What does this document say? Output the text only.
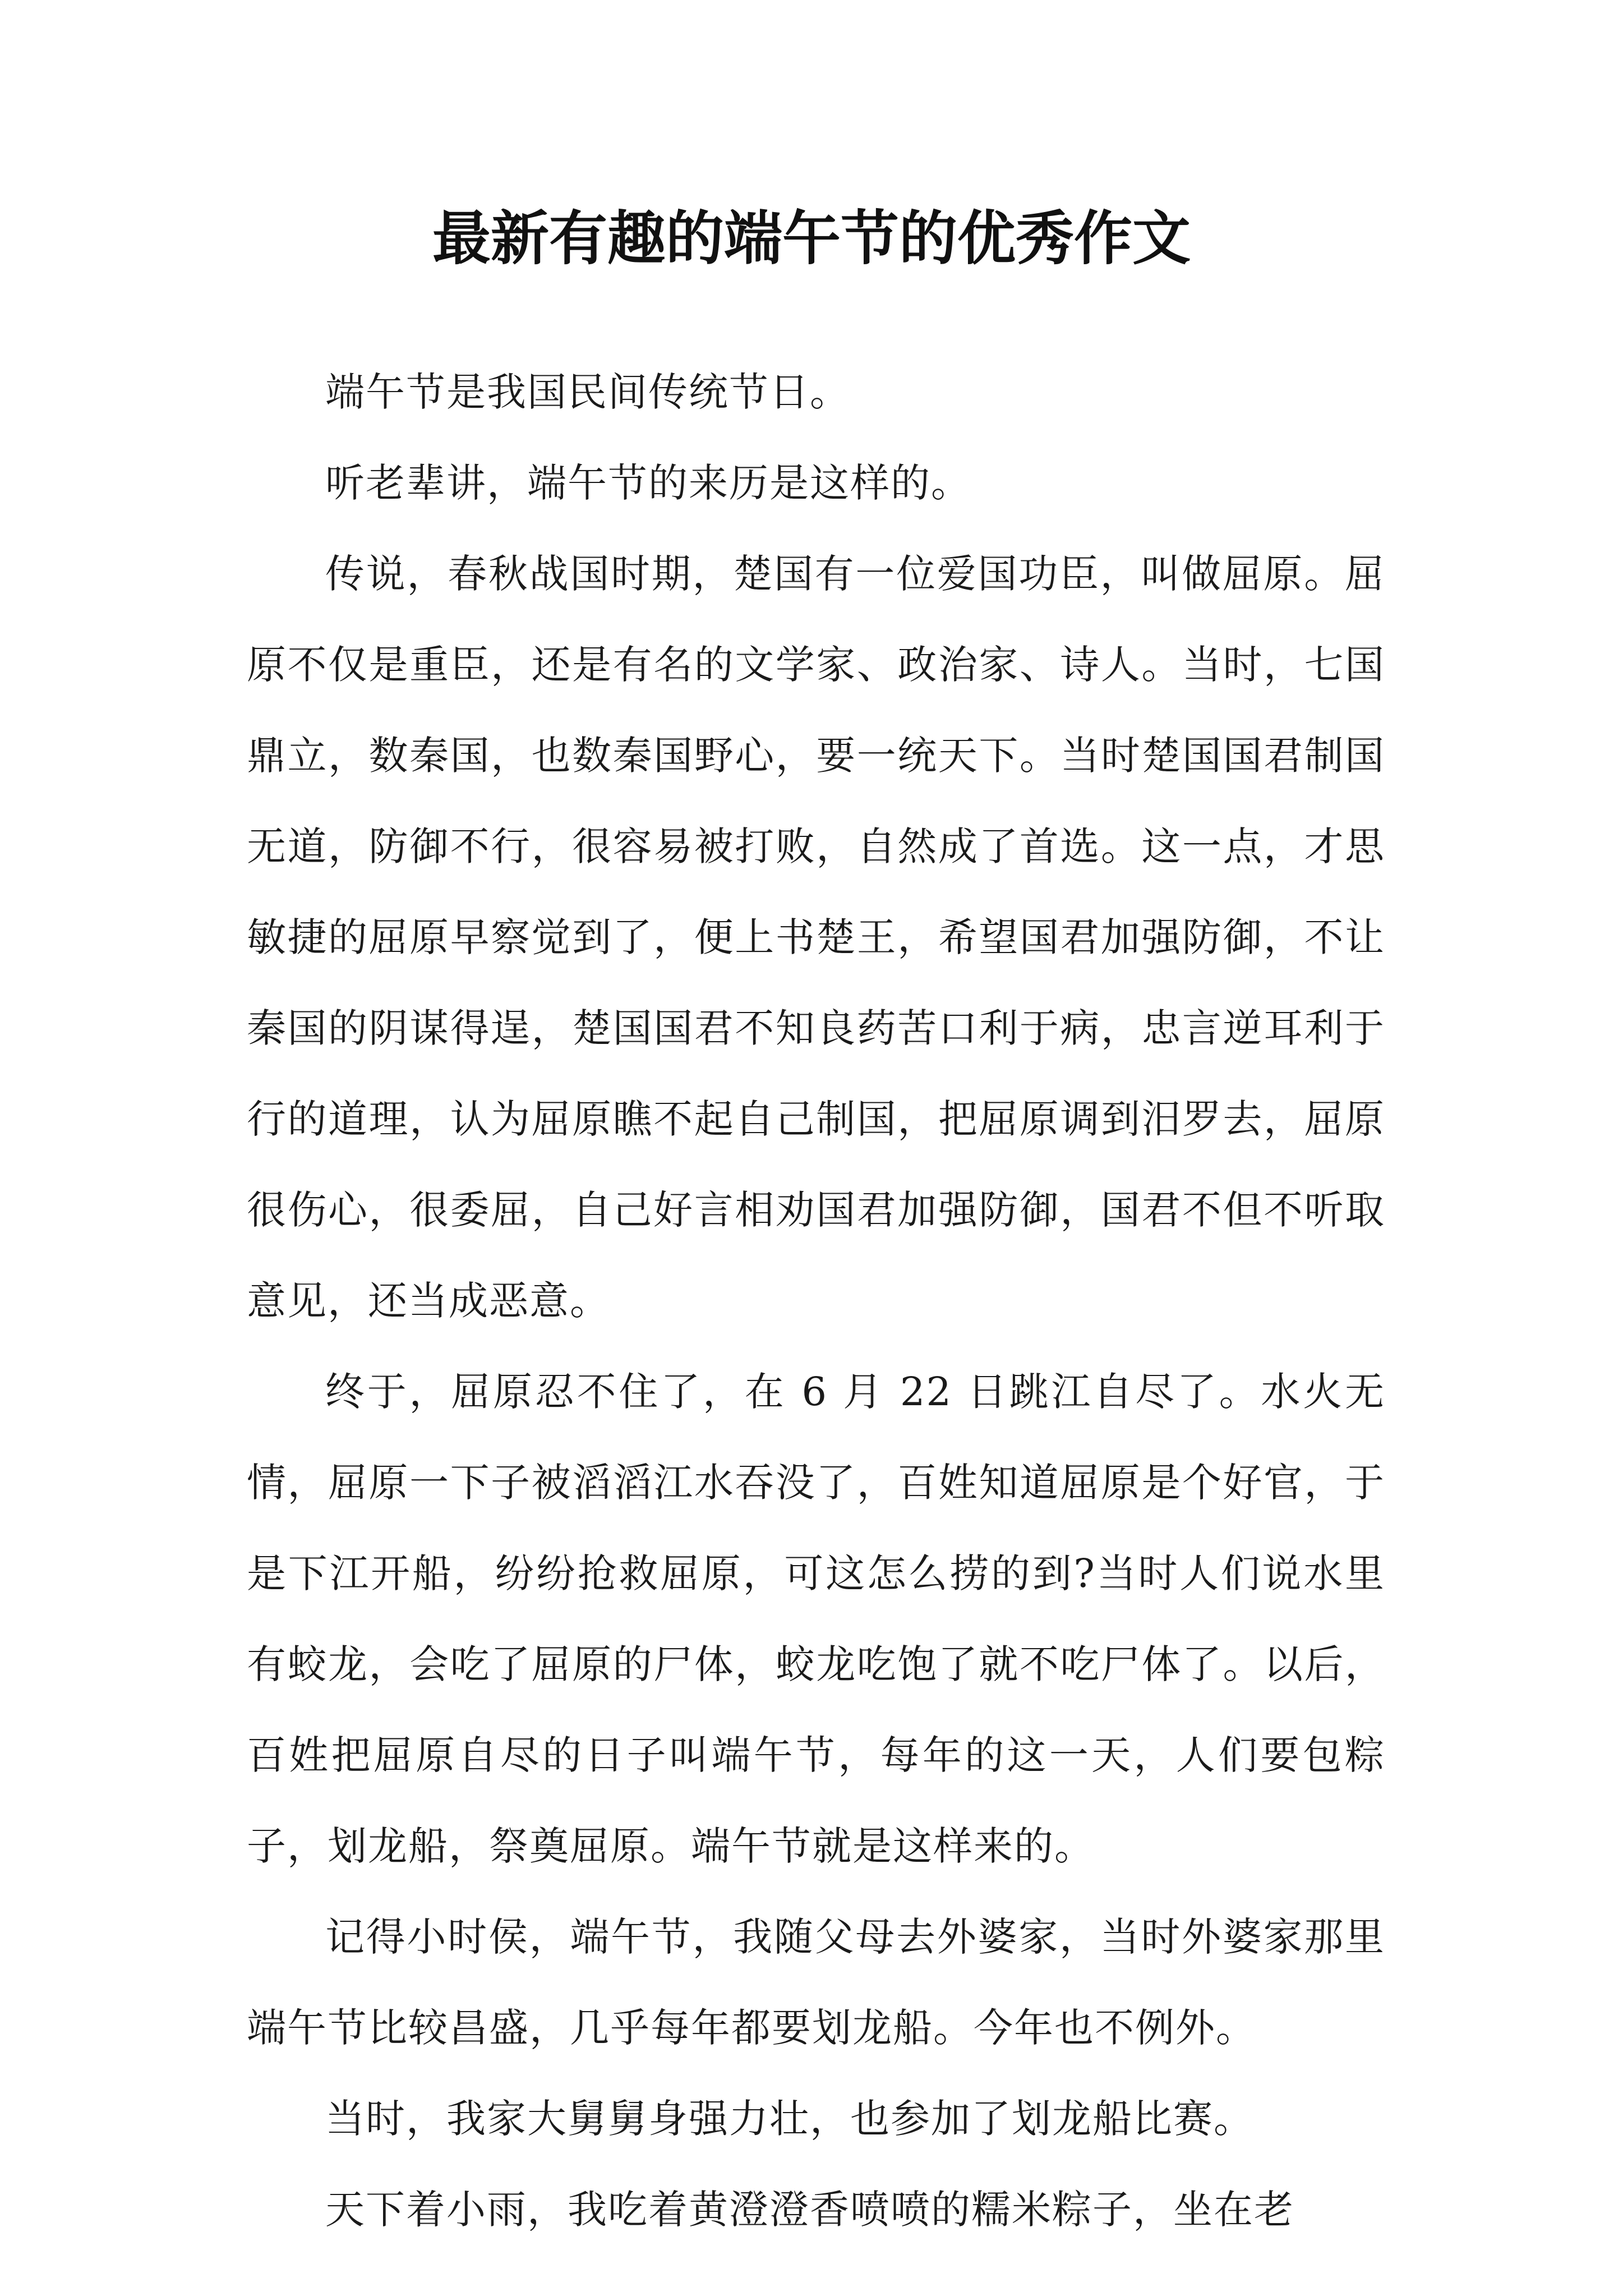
最新有趣的端午节的优秀作文

端午节是我国民间传统节日。

听老辈讲，端午节的来历是这样的。

传说，春秋战国时期，楚国有一位爱国功臣，叫做屈原。屈原不仅是重臣，还是有名的文学家、政治家、诗人。当时，七国鼎立，数秦国，也数秦国野心，要一统天下。当时楚国国君制国无道，防御不行，很容易被打败，自然成了首选。这一点，才思敏捷的屈原早察觉到了，便上书楚王，希望国君加强防御，不让秦国的阴谋得逞，楚国国君不知良药苦口利于病，忠言逆耳利于行的道理，认为屈原瞧不起自己制国，把屈原调到汨罗去，屈原很伤心，很委屈，自己好言相劝国君加强防御，国君不但不听取意见，还当成恶意。

终于，屈原忍不住了，在 6 月 22 日跳江自尽了。水火无情，屈原一下子被滔滔江水吞没了，百姓知道屈原是个好官，于是下江开船，纷纷抢救屈原，可这怎么捞的到?当时人们说水里有蛟龙，会吃了屈原的尸体，蛟龙吃饱了就不吃尸体了。以后，百姓把屈原自尽的日子叫端午节，每年的这一天，人们要包粽子，划龙船，祭奠屈原。端午节就是这样来的。

记得小时侯，端午节，我随父母去外婆家，当时外婆家那里端午节比较昌盛，几乎每年都要划龙船。今年也不例外。

当时，我家大舅舅身强力壮，也参加了划龙船比赛。

天下着小雨，我吃着黄澄澄香喷喷的糯米粽子，坐在老
